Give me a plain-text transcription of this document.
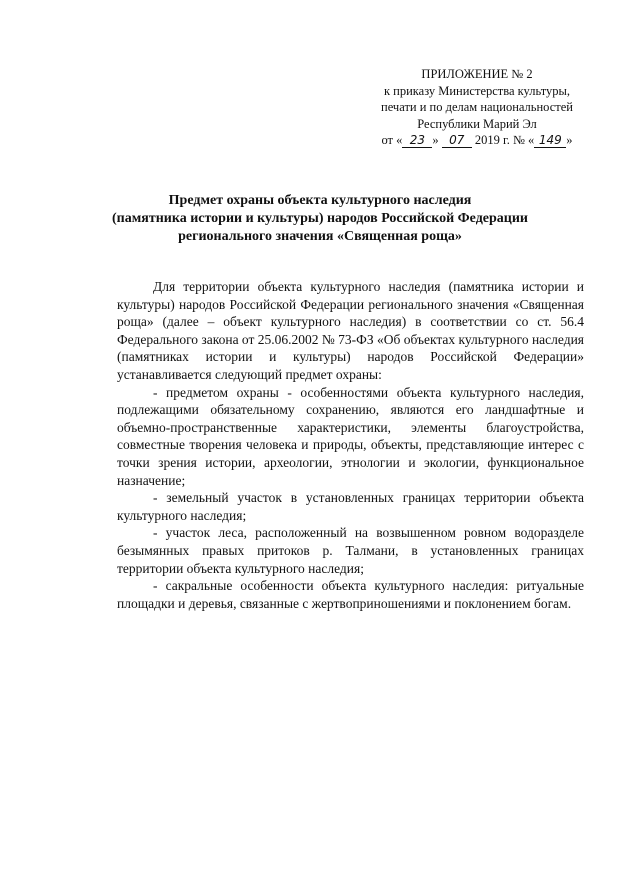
ПРИЛОЖЕНИЕ № 2
к приказу Министерства культуры,
печати и по делам национальностей
Республики Марий Эл
от « 23 » 07 2019 г. № « 149 »
Предмет охраны объекта культурного наследия
(памятника истории и культуры) народов Российской Федерации
регионального значения «Священная роща»

Для территории объекта культурного наследия (памятника истории и культуры) народов Российской Федерации регионального значения «Священная роща» (далее – объект культурного наследия) в соответствии со ст. 56.4 Федерального закона от 25.06.2002 № 73-ФЗ «Об объектах культурного наследия (памятниках истории и культуры) народов Российской Федерации» устанавливается следующий предмет охраны:

- предметом охраны - особенностями объекта культурного наследия, подлежащими обязательному сохранению, являются его ландшафтные и объемно-пространственные характеристики, элементы благоустройства, совместные творения человека и природы, объекты, представляющие интерес с точки зрения истории, археологии, этнологии и экологии, функциональное назначение;

- земельный участок в установленных границах территории объекта культурного наследия;

- участок леса, расположенный на возвышенном ровном водоразделе безымянных правых притоков р. Талмани, в установленных границах территории объекта культурного наследия;

- сакральные особенности объекта культурного наследия: ритуальные площадки и деревья, связанные с жертвоприношениями и поклонением богам.
